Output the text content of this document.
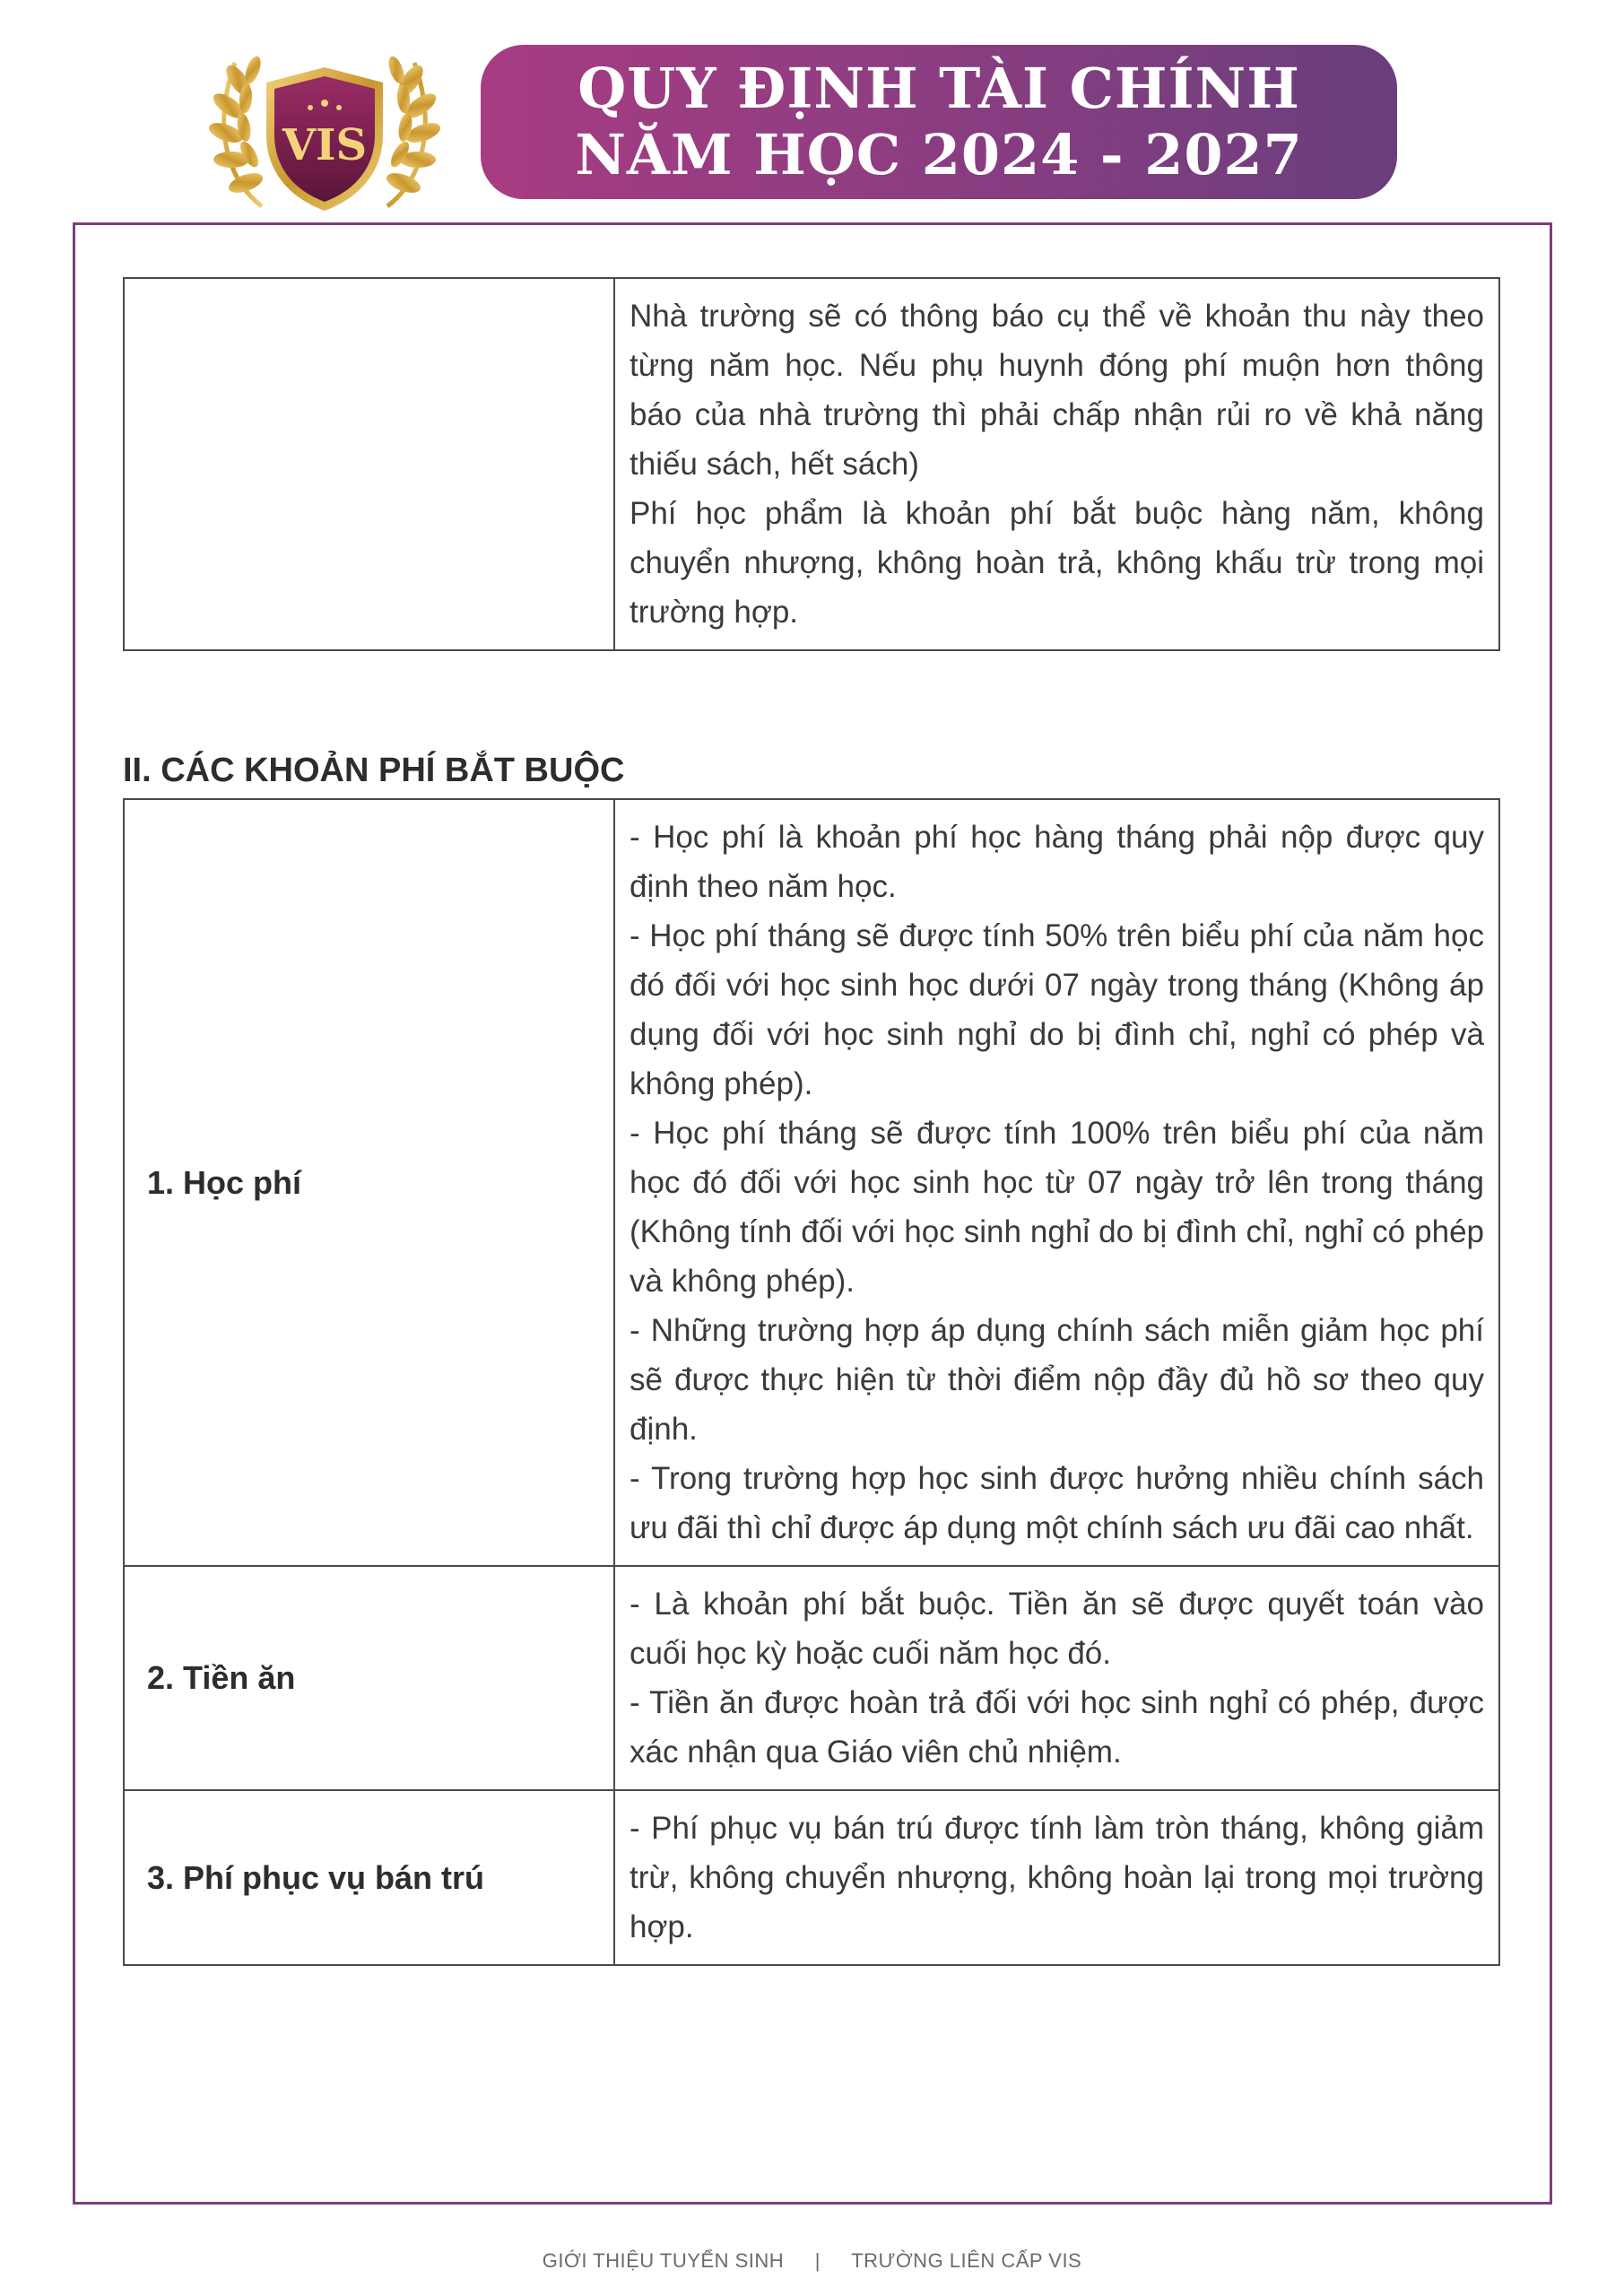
VIS
QUY ĐỊNH TÀI CHÍNH
NĂM HỌC 2024 - 2027

Nhà trường sẽ có thông báo cụ thể về khoản thu này theo từng năm học. Nếu phụ huynh đóng phí muộn hơn thông báo của nhà trường thì phải chấp nhận rủi ro về khả năng thiếu sách, hết sách)

Phí học phẩm là khoản phí bắt buộc hàng năm, không chuyển nhượng, không hoàn trả, không khấu trừ trong mọi trường hợp.

II. CÁC KHOẢN PHÍ BẮT BUỘC
1. Học phí	- Học phí là khoản phí học hàng tháng phải nộp được quy định theo năm học.

- Học phí tháng sẽ được tính 50% trên biểu phí của năm học đó đối với học sinh học dưới 07 ngày trong tháng (Không áp dụng đối với học sinh nghỉ do bị đình chỉ, nghỉ có phép và không phép).

- Học phí tháng sẽ được tính 100% trên biểu phí của năm học đó đối với học sinh học từ 07 ngày trở lên trong tháng (Không tính đối với học sinh nghỉ do bị đình chỉ, nghỉ có phép và không phép).

- Những trường hợp áp dụng chính sách miễn giảm học phí sẽ được thực hiện từ thời điểm nộp đầy đủ hồ sơ theo quy định.

- Trong trường hợp học sinh được hưởng nhiều chính sách ưu đãi thì chỉ được áp dụng một chính sách ưu đãi cao nhất.

2. Tiền ăn	- Là khoản phí bắt buộc. Tiền ăn sẽ được quyết toán vào cuối học kỳ hoặc cuối năm học đó.

- Tiền ăn được hoàn trả đối với học sinh nghỉ có phép, được xác nhận qua Giáo viên chủ nhiệm.

3. Phí phục vụ bán trú	- Phí phục vụ bán trú được tính làm tròn tháng, không giảm trừ, không chuyển nhượng, không hoàn lại trong mọi trường hợp.

GIỚI THIỆU TUYỂN SINH | TRƯỜNG LIÊN CẤP VIS
